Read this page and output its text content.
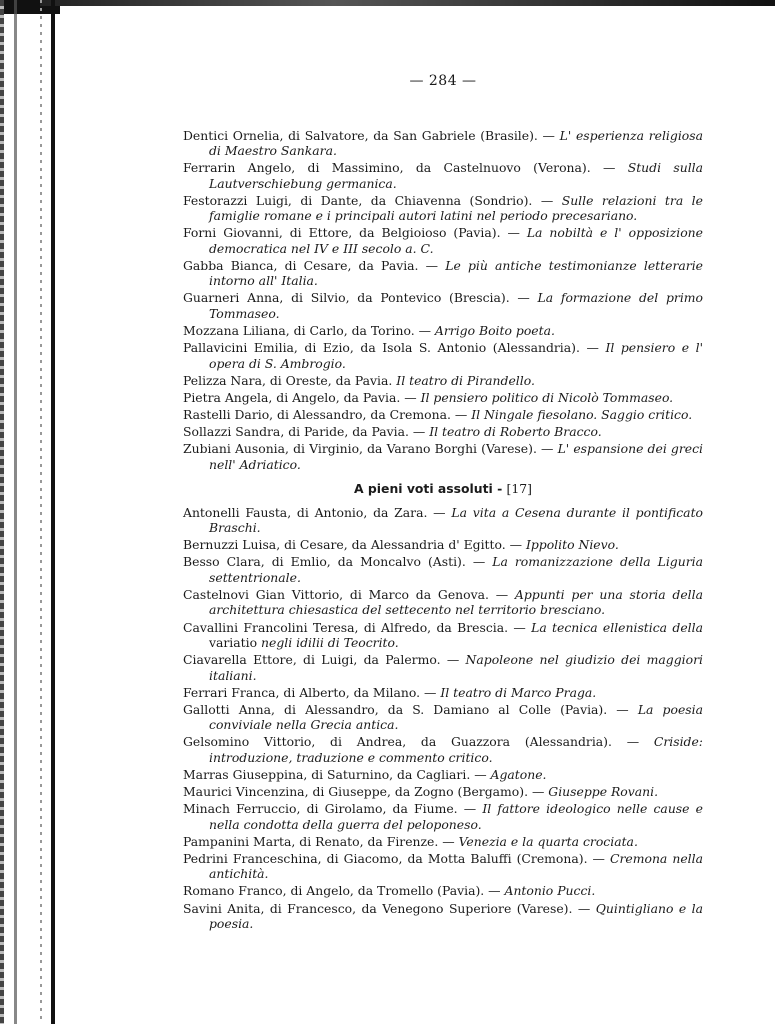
— 284 —

Dentici Ornelia, di Salvatore, da San Gabriele (Brasile). — L' esperienza religiosa di Maestro Sankara.

Ferrarin Angelo, di Massimino, da Castelnuovo (Verona). — Studi sulla Lautverschiebung germanica.

Festorazzi Luigi, di Dante, da Chiavenna (Sondrio). — Sulle relazioni tra le famiglie romane e i principali autori latini nel periodo precesariano.

Forni Giovanni, di Ettore, da Belgioioso (Pavia). — La nobiltà e l' opposizione democratica nel IV e III secolo a. C.

Gabba Bianca, di Cesare, da Pavia. — Le più antiche testimonianze letterarie intorno all' Italia.

Guarneri Anna, di Silvio, da Pontevico (Brescia). — La formazione del primo Tommaseo.

Mozzana Liliana, di Carlo, da Torino. — Arrigo Boito poeta.

Pallavicini Emilia, di Ezio, da Isola S. Antonio (Alessandria). — Il pensiero e l' opera di S. Ambrogio.

Pelizza Nara, di Oreste, da Pavia. Il teatro di Pirandello.

Pietra Angela, di Angelo, da Pavia. — Il pensiero politico di Nicolò Tommaseo.

Rastelli Dario, di Alessandro, da Cremona. — Il Ningale fiesolano. Saggio critico.

Sollazzi Sandra, di Paride, da Pavia. — Il teatro di Roberto Bracco.

Zubiani Ausonia, di Virginio, da Varano Borghi (Varese). — L' espansione dei greci nell' Adriatico.

A pieni voti assoluti - [17]

Antonelli Fausta, di Antonio, da Zara. — La vita a Cesena durante il pontificato Braschi.

Bernuzzi Luisa, di Cesare, da Alessandria d' Egitto. — Ippolito Nievo.

Besso Clara, di Emlio, da Moncalvo (Asti). — La romanizzazione della Liguria settentrionale.

Castelnovi Gian Vittorio, di Marco da Genova. — Appunti per una storia della architettura chiesastica del settecento nel territorio bresciano.

Cavallini Francolini Teresa, di Alfredo, da Brescia. — La tecnica ellenistica della variatio negli idilii di Teocrito.

Ciavarella Ettore, di Luigi, da Palermo. — Napoleone nel giudizio dei maggiori italiani.

Ferrari Franca, di Alberto, da Milano. — Il teatro di Marco Praga.

Gallotti Anna, di Alessandro, da S. Damiano al Colle (Pavia). — La poesia conviviale nella Grecia antica.

Gelsomino Vittorio, di Andrea, da Guazzora (Alessandria). — Criside: introduzione, traduzione e commento critico.

Marras Giuseppina, di Saturnino, da Cagliari. — Agatone.

Maurici Vincenzina, di Giuseppe, da Zogno (Bergamo). — Giuseppe Rovani.

Minach Ferruccio, di Girolamo, da Fiume. — Il fattore ideologico nelle cause e nella condotta della guerra del peloponeso.

Pampanini Marta, di Renato, da Firenze. — Venezia e la quarta crociata.

Pedrini Franceschina, di Giacomo, da Motta Baluffi (Cremona). — Cremona nella antichità.

Romano Franco, di Angelo, da Tromello (Pavia). — Antonio Pucci.

Savini Anita, di Francesco, da Venegono Superiore (Varese). — Quintigliano e la poesia.
